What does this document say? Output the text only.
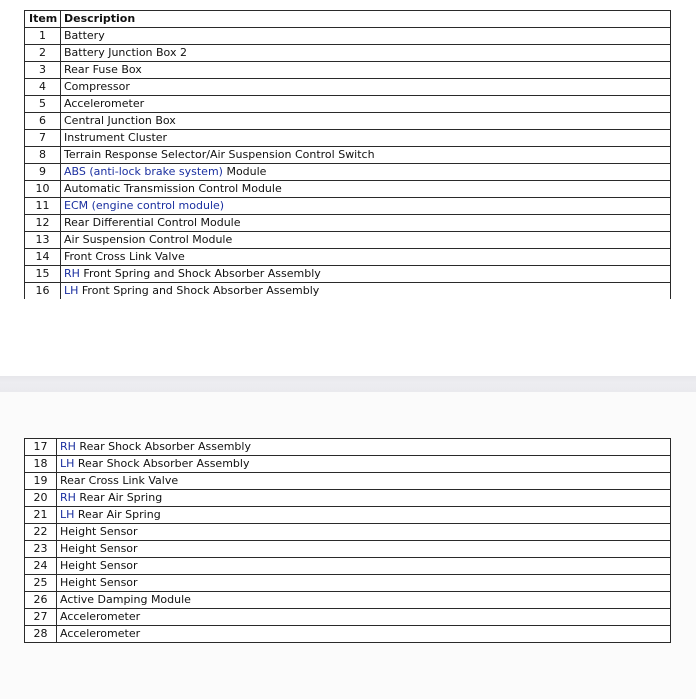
Item	Description
1	Battery
2	Battery Junction Box 2
3	Rear Fuse Box
4	Compressor
5	Accelerometer
6	Central Junction Box
7	Instrument Cluster
8	Terrain Response Selector/Air Suspension Control Switch
9	ABS (anti-lock brake system) Module
10	Automatic Transmission Control Module
11	ECM (engine control module)
12	Rear Differential Control Module
13	Air Suspension Control Module
14	Front Cross Link Valve
15	RH Front Spring and Shock Absorber Assembly
16	LH Front Spring and Shock Absorber Assembly
17	RH Rear Shock Absorber Assembly
18	LH Rear Shock Absorber Assembly
19	Rear Cross Link Valve
20	RH Rear Air Spring
21	LH Rear Air Spring
22	Height Sensor
23	Height Sensor
24	Height Sensor
25	Height Sensor
26	Active Damping Module
27	Accelerometer
28	Accelerometer
